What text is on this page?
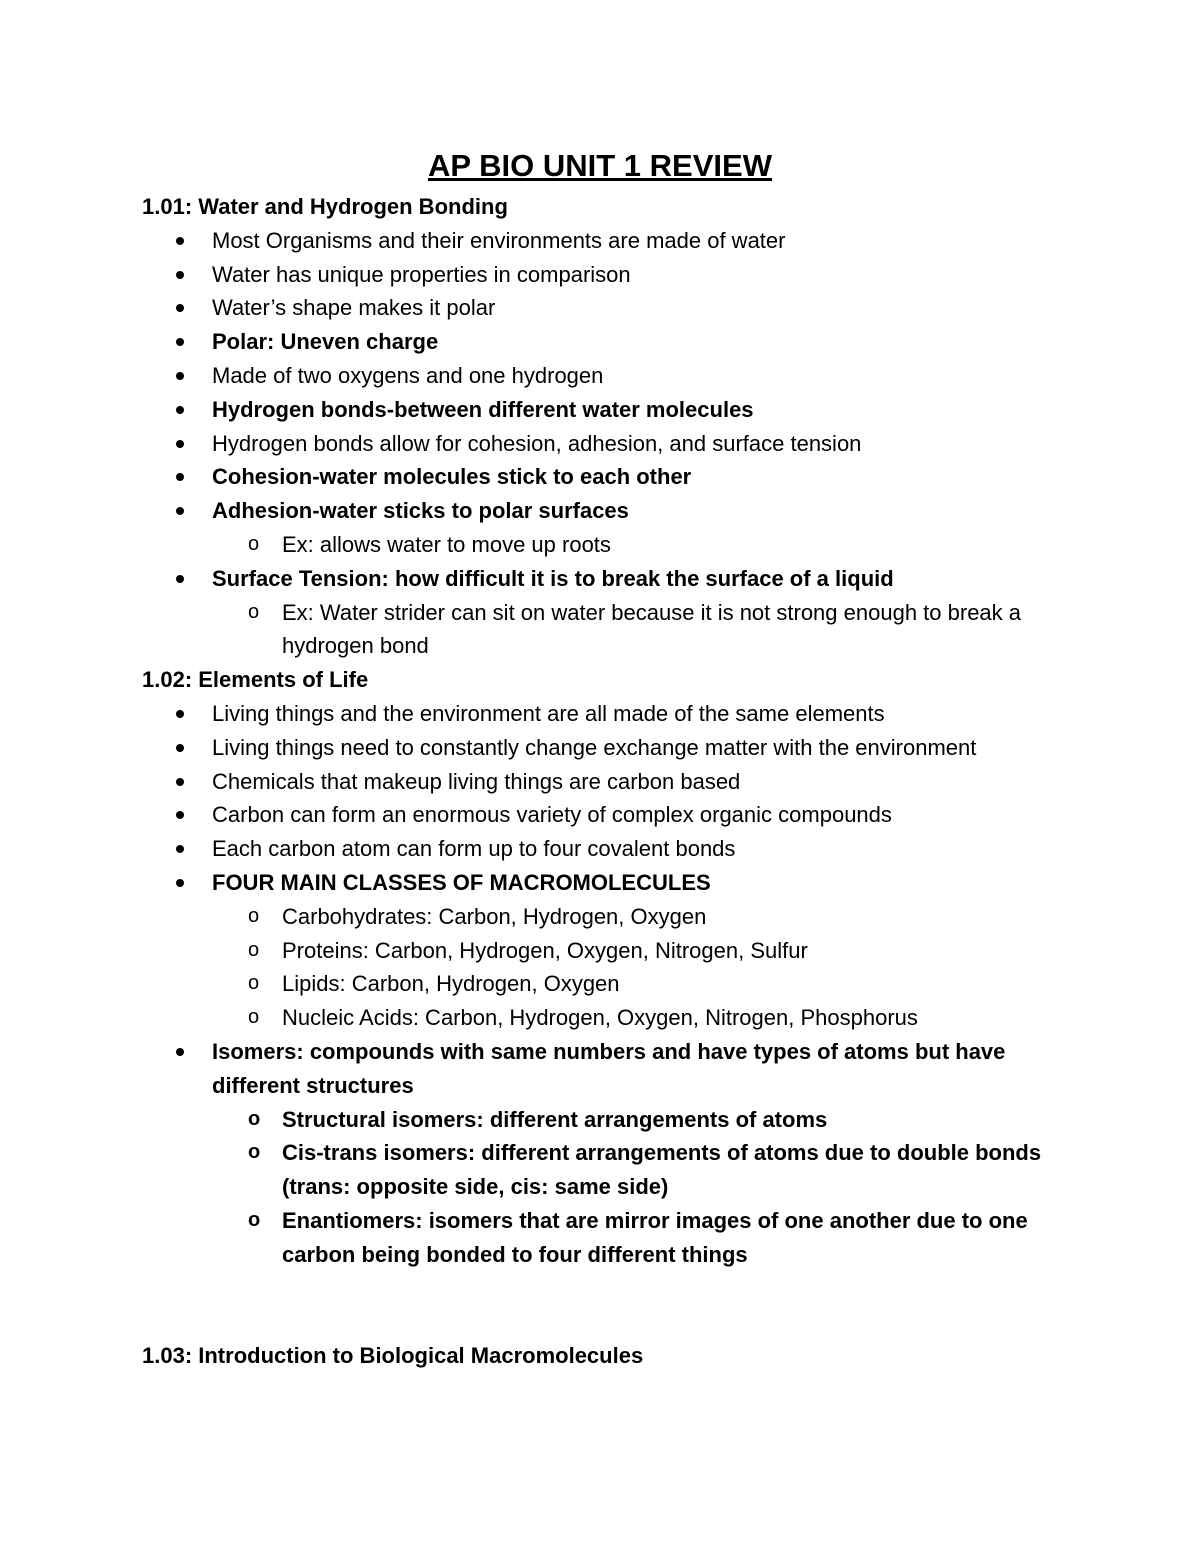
AP BIO UNIT 1 REVIEW

1.01: Water and Hydrogen Bonding

Most Organisms and their environments are made of water
Water has unique properties in comparison
Water’s shape makes it polar
Polar: Uneven charge
Made of two oxygens and one hydrogen
Hydrogen bonds-between different water molecules
Hydrogen bonds allow for cohesion, adhesion, and surface tension
Cohesion-water molecules stick to each other
Adhesion-water sticks to polar surfaces
o Ex: allows water to move up roots
Surface Tension: how difficult it is to break the surface of a liquid
o Ex: Water strider can sit on water because it is not strong enough to break a hydrogen bond

1.02: Elements of Life

Living things and the environment are all made of the same elements
Living things need to constantly change exchange matter with the environment
Chemicals that makeup living things are carbon based
Carbon can form an enormous variety of complex organic compounds
Each carbon atom can form up to four covalent bonds
FOUR MAIN CLASSES OF MACROMOLECULES
o Carbohydrates: Carbon, Hydrogen, Oxygen
o Proteins: Carbon, Hydrogen, Oxygen, Nitrogen, Sulfur
o Lipids: Carbon, Hydrogen, Oxygen
o Nucleic Acids: Carbon, Hydrogen, Oxygen, Nitrogen, Phosphorus
Isomers: compounds with same numbers and have types of atoms but have different structures
o Structural isomers: different arrangements of atoms
o Cis-trans isomers: different arrangements of atoms due to double bonds (trans: opposite side, cis: same side)
o Enantiomers: isomers that are mirror images of one another due to one carbon being bonded to four different things

1.03: Introduction to Biological Macromolecules
